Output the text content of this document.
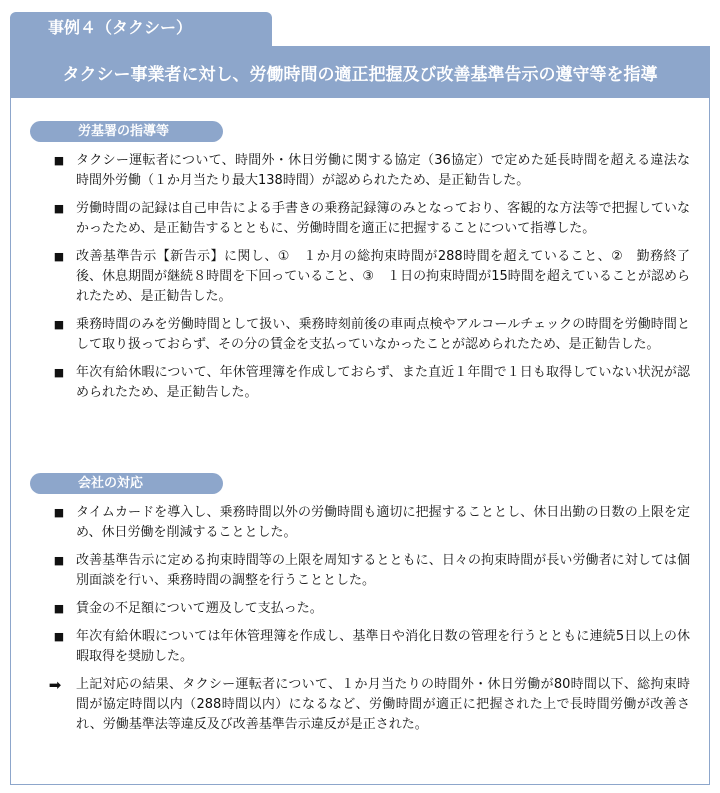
事例４（タクシー）
タクシー事業者に対し、労働時間の適正把握及び改善基準告示の遵守等を指導
労基署の指導等
■ タクシー運転者について、時間外・休日労働に関する協定（36協定）で定めた延長時間を超える違法な時間外労働（１か月当たり最大138時間）が認められたため、是正勧告した。
■ 労働時間の記録は自己申告による手書きの乗務記録簿のみとなっており、客観的な方法等で把握していなかったため、是正勧告するとともに、労働時間を適正に把握することについて指導した。
■ 改善基準告示【新告示】に関し、①　１か月の総拘束時間が288時間を超えていること、②　勤務終了後、休息期間が継続８時間を下回っていること、③　１日の拘束時間が15時間を超えていることが認められたため、是正勧告した。
■ 乗務時間のみを労働時間として扱い、乗務時刻前後の車両点検やアルコールチェックの時間を労働時間として取り扱っておらず、その分の賃金を支払っていなかったことが認められたため、是正勧告した。
■ 年次有給休暇について、年休管理簿を作成しておらず、また直近１年間で１日も取得していない状況が認められたため、是正勧告した。
会社の対応
■ タイムカードを導入し、乗務時間以外の労働時間も適切に把握することとし、休日出勤の日数の上限を定め、休日労働を削減することとした。
■ 改善基準告示に定める拘束時間等の上限を周知するとともに、日々の拘束時間が長い労働者に対しては個別面談を行い、乗務時間の調整を行うこととした。
■ 賃金の不足額について遡及して支払った。
■ 年次有給休暇については年休管理簿を作成し、基準日や消化日数の管理を行うとともに連続5日以上の休暇取得を奨励した。
➡ 上記対応の結果、タクシー運転者について、１か月当たりの時間外・休日労働が80時間以下、総拘束時間が協定時間以内（288時間以内）になるなど、労働時間が適正に把握された上で長時間労働が改善され、労働基準法等違反及び改善基準告示違反が是正された。
